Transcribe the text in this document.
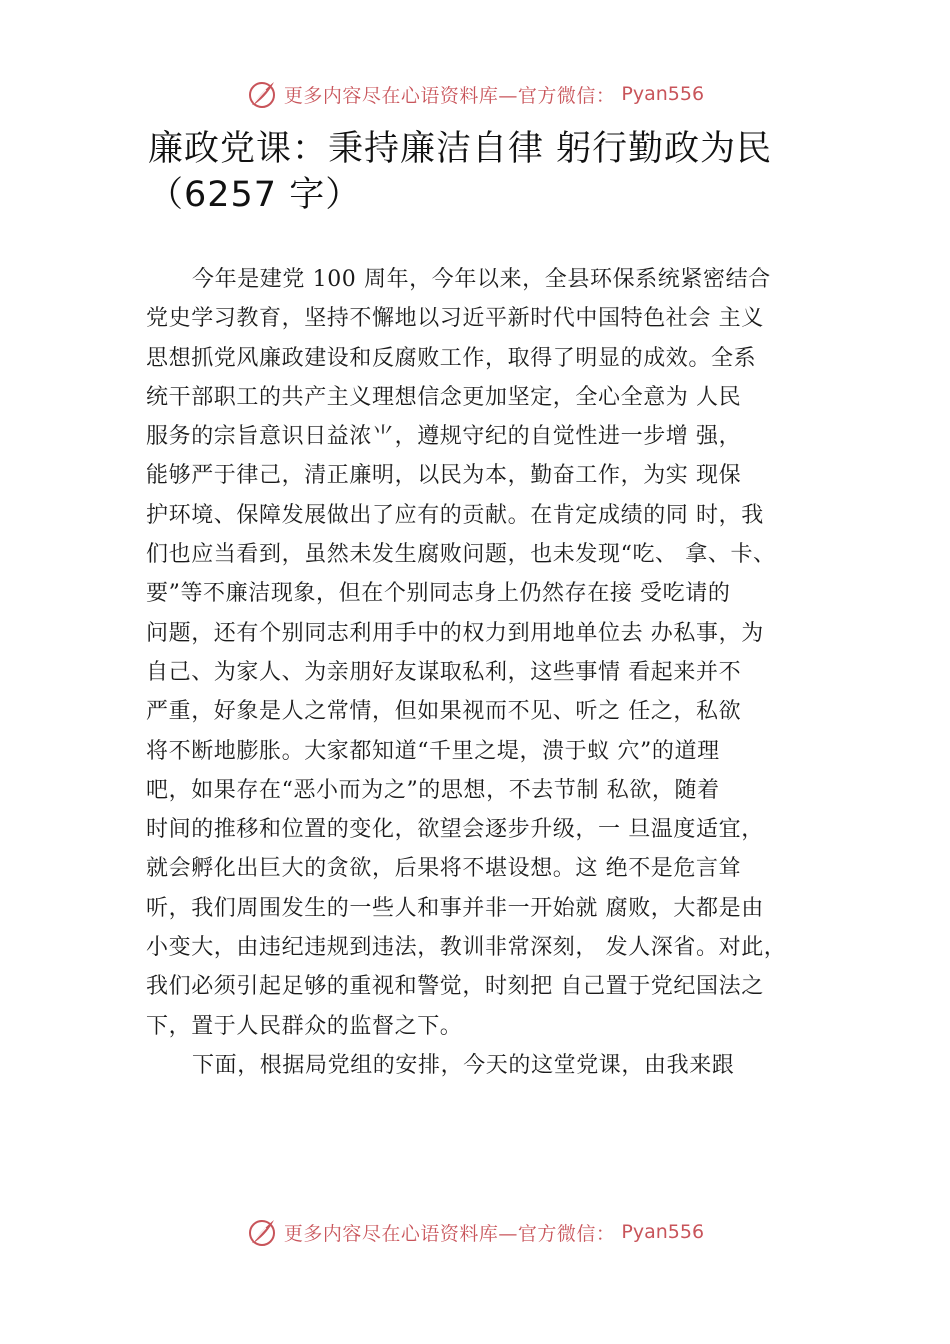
更多内容尽在心语资料库—官方微信： Pyan556
廉政党课：秉持廉洁自律 躬行勤政为民
（6257 字）
今年是建党 100 周年，今年以来，全县环保系统紧密结合
党史学习教育，坚持不懈地以习近平新时代中国特色社会 主义
思想抓党风廉政建设和反腐败工作，取得了明显的成效。全系
统干部职工的共产主义理想信念更加坚定，全心全意为 人民
服务的宗旨意识日益浓⺌，遵规守纪的自觉性进一步增 强，
能够严于律己，清正廉明，以民为本，勤奋工作，为实 现保
护环境、保障发展做出了应有的贡献。在肯定成绩的同 时，我
们也应当看到，虽然未发生腐败问题，也未发现“吃、 拿、卡、
要”等不廉洁现象，但在个别同志身上仍然存在接 受吃请的
问题，还有个别同志利用手中的权力到用地单位去 办私事，为
自己、为家人、为亲朋好友谋取私利，这些事情 看起来并不
严重，好象是人之常情，但如果视而不见、听之 任之，私欲
将不断地膨胀。大家都知道“千里之堤，溃于蚁 穴”的道理
吧，如果存在“恶小而为之”的思想，不去节制 私欲，随着
时间的推移和位置的变化，欲望会逐步升级，一 旦温度适宜，
就会孵化出巨大的贪欲，后果将不堪设想。这 绝不是危言耸
听，我们周围发生的一些人和事并非一开始就 腐败，大都是由
小变大，由违纪违规到违法，教训非常深刻， 发人深省。对此，
我们必须引起足够的重视和警觉，时刻把 自己置于党纪国法之
下，置于人民群众的监督之下。
下面，根据局党组的安排，今天的这堂党课，由我来跟
更多内容尽在心语资料库—官方微信： Pyan556
